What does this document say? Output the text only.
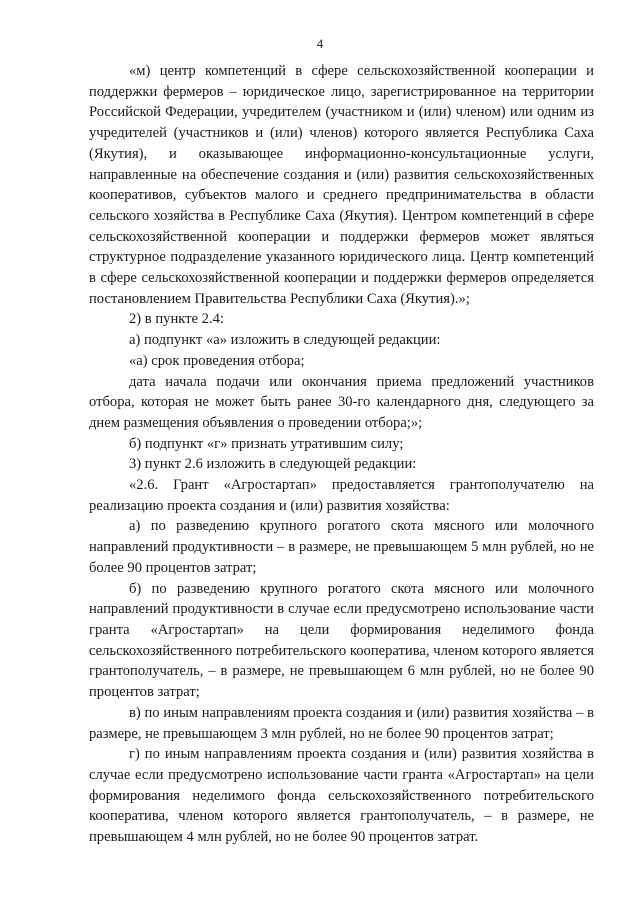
4

«м) центр компетенций в сфере сельскохозяйственной кооперации и поддержки фермеров – юридическое лицо, зарегистрированное на территории Российской Федерации, учредителем (участником и (или) членом) или одним из учредителей (участников и (или) членов) которого является Республика Саха (Якутия), и оказывающее информационно-консультационные услуги, направленные на обеспечение создания и (или) развития сельскохозяйственных кооперативов, субъектов малого и среднего предпринимательства в области сельского хозяйства в Республике Саха (Якутия). Центром компетенций в сфере сельскохозяйственной кооперации и поддержки фермеров может являться структурное подразделение указанного юридического лица. Центр компетенций в сфере сельскохозяйственной кооперации и поддержки фермеров определяется постановлением Правительства Республики Саха (Якутия).»;

2) в пункте 2.4:

а) подпункт «а» изложить в следующей редакции:

«а) срок проведения отбора;

дата начала подачи или окончания приема предложений участников отбора, которая не может быть ранее 30-го календарного дня, следующего за днем размещения объявления о проведении отбора;»;

б) подпункт «г» признать утратившим силу;

3) пункт 2.6 изложить в следующей редакции:

«2.6. Грант «Агростартап» предоставляется грантополучателю на реализацию проекта создания и (или) развития хозяйства:

а) по разведению крупного рогатого скота мясного или молочного направлений продуктивности – в размере, не превышающем 5 млн рублей, но не более 90 процентов затрат;

б) по разведению крупного рогатого скота мясного или молочного направлений продуктивности в случае если предусмотрено использование части гранта «Агростартап» на цели формирования неделимого фонда сельскохозяйственного потребительского кооператива, членом которого является грантополучатель, – в размере, не превышающем 6 млн рублей, но не более 90 процентов затрат;

в) по иным направлениям проекта создания и (или) развития хозяйства – в размере, не превышающем 3 млн рублей, но не более 90 процентов затрат;

г) по иным направлениям проекта создания и (или) развития хозяйства в случае если предусмотрено использование части гранта «Агростартап» на цели формирования неделимого фонда сельскохозяйственного потребительского кооператива, членом которого является грантополучатель, – в размере, не превышающем 4 млн рублей, но не более 90 процентов затрат.
